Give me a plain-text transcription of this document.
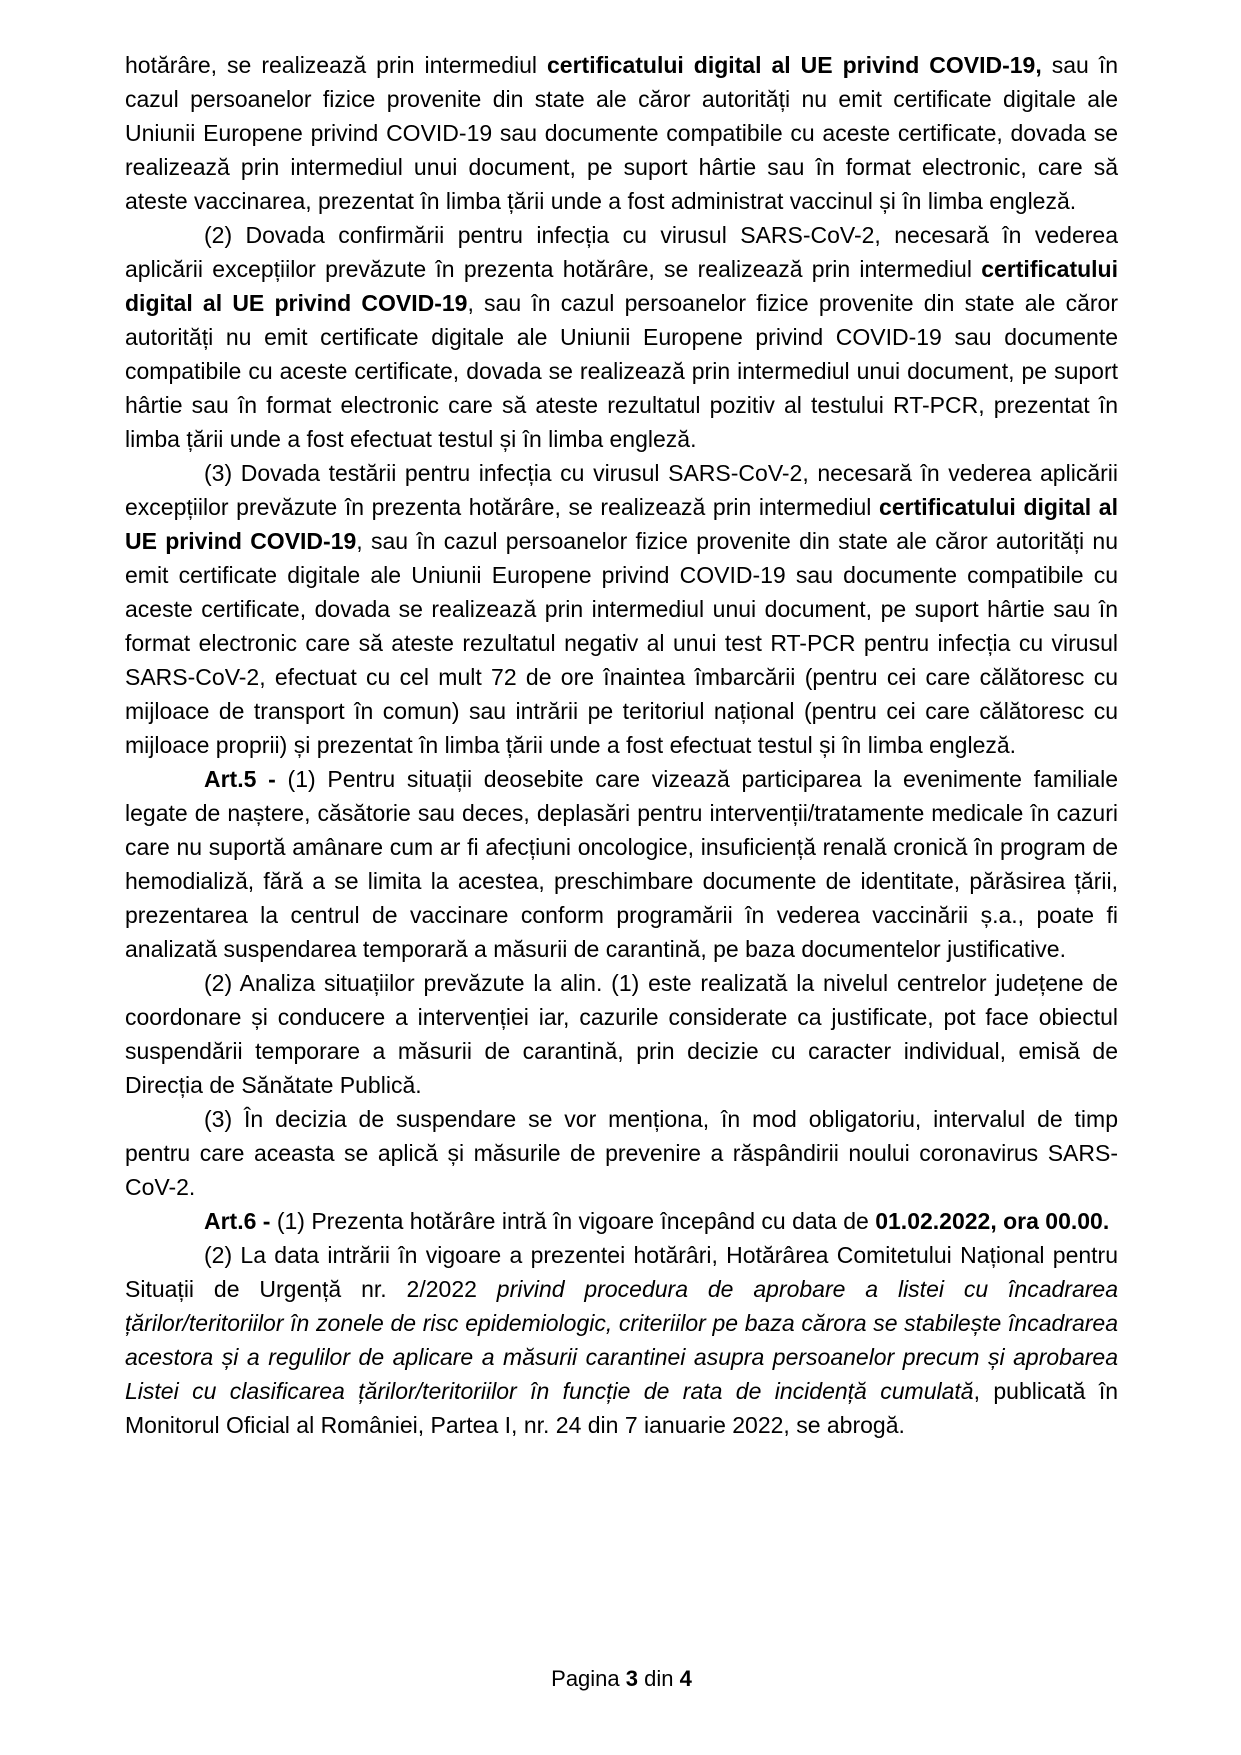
hotărâre, se realizează prin intermediul certificatului digital al UE privind COVID-19, sau în cazul persoanelor fizice provenite din state ale căror autorități nu emit certificate digitale ale Uniunii Europene privind COVID-19 sau documente compatibile cu aceste certificate, dovada se realizează prin intermediul unui document, pe suport hârtie sau în format electronic, care să ateste vaccinarea, prezentat în limba țării unde a fost administrat vaccinul și în limba engleză.

(2) Dovada confirmării pentru infecția cu virusul SARS-CoV-2, necesară în vederea aplicării excepțiilor prevăzute în prezenta hotărâre, se realizează prin intermediul certificatului digital al UE privind COVID-19, sau în cazul persoanelor fizice provenite din state ale căror autorități nu emit certificate digitale ale Uniunii Europene privind COVID-19 sau documente compatibile cu aceste certificate, dovada se realizează prin intermediul unui document, pe suport hârtie sau în format electronic care să ateste rezultatul pozitiv al testului RT-PCR, prezentat în limba țării unde a fost efectuat testul și în limba engleză.

(3) Dovada testării pentru infecția cu virusul SARS-CoV-2, necesară în vederea aplicării excepțiilor prevăzute în prezenta hotărâre, se realizează prin intermediul certificatului digital al UE privind COVID-19, sau în cazul persoanelor fizice provenite din state ale căror autorități nu emit certificate digitale ale Uniunii Europene privind COVID-19 sau documente compatibile cu aceste certificate, dovada se realizează prin intermediul unui document, pe suport hârtie sau în format electronic care să ateste rezultatul negativ al unui test RT-PCR pentru infecția cu virusul SARS-CoV-2, efectuat cu cel mult 72 de ore înaintea îmbarcării (pentru cei care călătoresc cu mijloace de transport în comun) sau intrării pe teritoriul național (pentru cei care călătoresc cu mijloace proprii) și prezentat în limba țării unde a fost efectuat testul și în limba engleză.

Art.5 - (1) Pentru situații deosebite care vizează participarea la evenimente familiale legate de naștere, căsătorie sau deces, deplasări pentru intervenții/tratamente medicale în cazuri care nu suportă amânare cum ar fi afecțiuni oncologice, insuficiență renală cronică în program de hemodializă, fără a se limita la acestea, preschimbare documente de identitate, părăsirea țării, prezentarea la centrul de vaccinare conform programării în vederea vaccinării ș.a., poate fi analizată suspendarea temporară a măsurii de carantină, pe baza documentelor justificative.

(2) Analiza situațiilor prevăzute la alin. (1) este realizată la nivelul centrelor județene de coordonare și conducere a intervenției iar, cazurile considerate ca justificate, pot face obiectul suspendării temporare a măsurii de carantină, prin decizie cu caracter individual, emisă de Direcția de Sănătate Publică.

(3) În decizia de suspendare se vor menționa, în mod obligatoriu, intervalul de timp pentru care aceasta se aplică și măsurile de prevenire a răspândirii noului coronavirus SARS-CoV-2.

Art.6 - (1) Prezenta hotărâre intră în vigoare începând cu data de 01.02.2022, ora 00.00.

(2) La data intrării în vigoare a prezentei hotărâri, Hotărârea Comitetului Național pentru Situații de Urgență nr. 2/2022 privind procedura de aprobare a listei cu încadrarea țărilor/teritoriilor în zonele de risc epidemiologic, criteriilor pe baza cărora se stabilește încadrarea acestora și a regulilor de aplicare a măsurii carantinei asupra persoanelor precum și aprobarea Listei cu clasificarea țărilor/teritoriilor în funcție de rata de incidență cumulată, publicată în Monitorul Oficial al României, Partea I, nr. 24 din 7 ianuarie 2022, se abrogă.

Pagina 3 din 4
